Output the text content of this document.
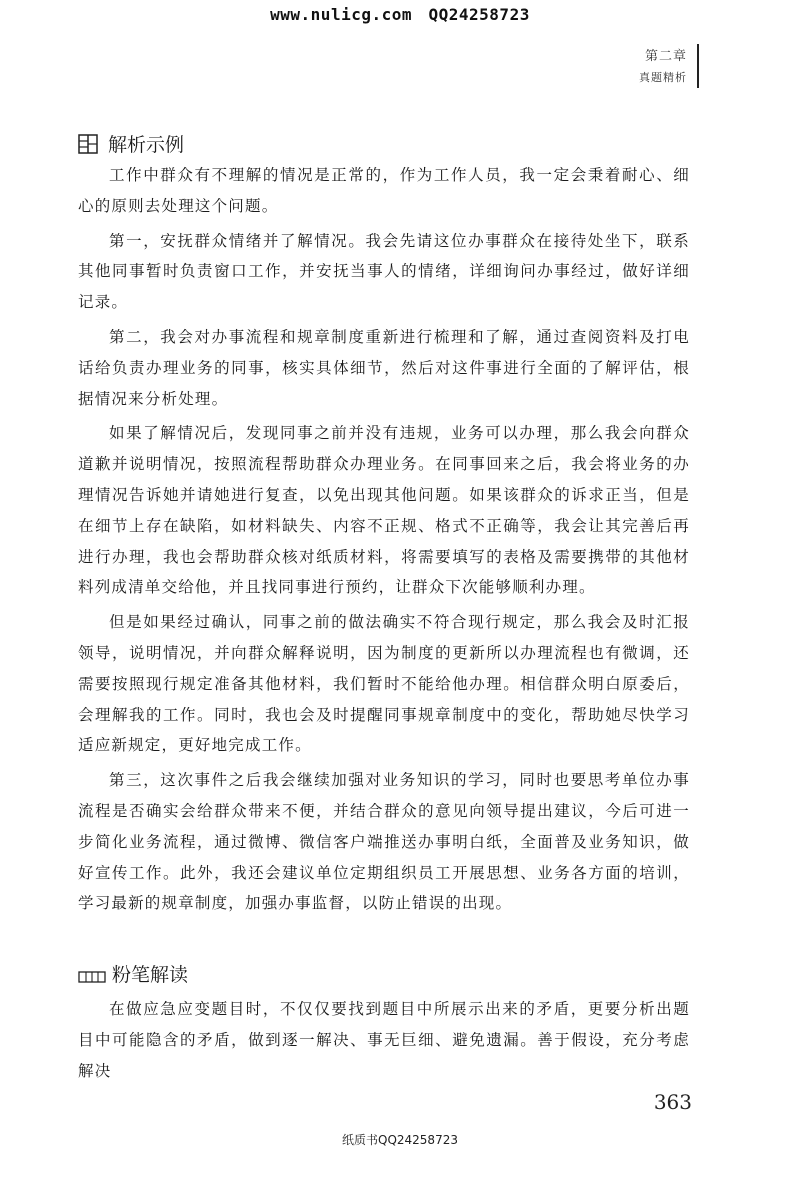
www.nulicg.com　QQ24258723
第二章
真题精析
解析示例

工作中群众有不理解的情况是正常的，作为工作人员，我一定会秉着耐心、细心的原则去处理这个问题。

第一，安抚群众情绪并了解情况。我会先请这位办事群众在接待处坐下，联系其他同事暂时负责窗口工作，并安抚当事人的情绪，详细询问办事经过，做好详细记录。

第二，我会对办事流程和规章制度重新进行梳理和了解，通过查阅资料及打电话给负责办理业务的同事，核实具体细节，然后对这件事进行全面的了解评估，根据情况来分析处理。

如果了解情况后，发现同事之前并没有违规，业务可以办理，那么我会向群众道歉并说明情况，按照流程帮助群众办理业务。在同事回来之后，我会将业务的办理情况告诉她并请她进行复查，以免出现其他问题。如果该群众的诉求正当，但是在细节上存在缺陷，如材料缺失、内容不正规、格式不正确等，我会让其完善后再进行办理，我也会帮助群众核对纸质材料，将需要填写的表格及需要携带的其他材料列成清单交给他，并且找同事进行预约，让群众下次能够顺利办理。

但是如果经过确认，同事之前的做法确实不符合现行规定，那么我会及时汇报领导，说明情况，并向群众解释说明，因为制度的更新所以办理流程也有微调，还需要按照现行规定准备其他材料，我们暂时不能给他办理。相信群众明白原委后，会理解我的工作。同时，我也会及时提醒同事规章制度中的变化，帮助她尽快学习适应新规定，更好地完成工作。

第三，这次事件之后我会继续加强对业务知识的学习，同时也要思考单位办事流程是否确实会给群众带来不便，并结合群众的意见向领导提出建议，今后可进一步简化业务流程，通过微博、微信客户端推送办事明白纸，全面普及业务知识，做好宣传工作。此外，我还会建议单位定期组织员工开展思想、业务各方面的培训，学习最新的规章制度，加强办事监督，以防止错误的出现。

粉笔解读

在做应急应变题目时，不仅仅要找到题目中所展示出来的矛盾，更要分析出题目中可能隐含的矛盾，做到逐一解决、事无巨细、避免遗漏。善于假设，充分考虑解决

363
纸质书QQ24258723
